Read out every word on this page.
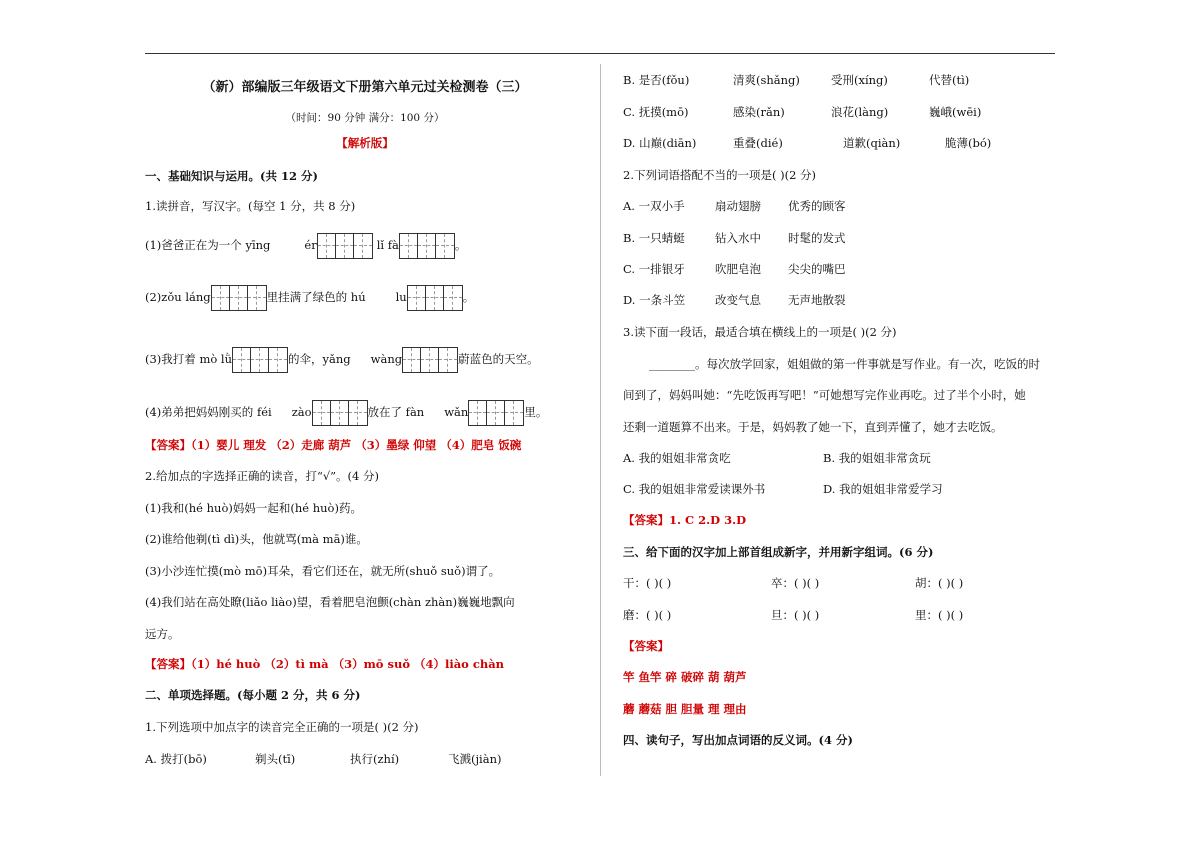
（新）部编版三年级语文下册第六单元过关检测卷（三）
（时间：90 分钟 满分：100 分）
【解析版】
一、基础知识与运用。(共 12 分)
1.读拼音，写汉字。(每空 1 分，共 8 分)
(1)爸爸正在为一个 yīng	ér	lǐ fà	。
(2)zǒu láng	里挂满了绿色的 hú	lu	。
(3)我打着 mò lǜ	的伞，yǎng wàng	蔚蓝色的天空。
(4)弟弟把妈妈刚买的 féi zào	放在了 fàn wǎn	里。
【答案】（1）婴儿 理发 （2）走廊 葫芦 （3）墨绿 仰望 （4）肥皂 饭碗
2.给加点的字选择正确的读音，打“√”。(4 分)
(1)我和(hé huò)妈妈一起和(hé huò)药。
(2)谁给他剃(tì dì)头，他就骂(mà mā)谁。
(3)小沙连忙摸(mò mō)耳朵，看它们还在，就无所(shuǒ suǒ)谓了。
(4)我们站在高处瞭(liǎo liào)望，看着肥皂泡颤(chàn zhàn)巍巍地飘向
远方。
【答案】（1）hé huò （2）tì mà （3）mō suǒ （4）liào chàn
二、单项选择题。(每小题 2 分，共 6 分)
1.下列选项中加点字的读音完全正确的一项是( )(2 分)
A. 拨打(bō)	剃头(tī)	执行(zhí)	飞溅(jiàn)
B. 是否(fǒu)	清爽(shǎng)	受刑(xíng)	代替(tì)
C. 抚摸(mō)	感染(rǎn)	浪花(làng)	巍峨(wēi)
D. 山巅(diān)	重叠(dié)	道歉(qiàn)	脆薄(bó)
2.下列词语搭配不当的一项是( )(2 分)
A. 一双小手	扇动翅膀 优秀的顾客
B. 一只蜻蜓	钻入水中 时髦的发式
C. 一排银牙	吹肥皂泡 尖尖的嘴巴
D. 一条斗笠	改变气息 无声地散裂
3.读下面一段话，最适合填在横线上的一项是( )(2 分)
________。每次放学回家，姐姐做的第一件事就是写作业。有一次，吃饭的时
间到了，妈妈叫她：“先吃饭再写吧！”可她想写完作业再吃。过了半个小时，她
还剩一道题算不出来。于是，妈妈教了她一下，直到弄懂了，她才去吃饭。
A. 我的姐姐非常贪吃	B. 我的姐姐非常贪玩
C. 我的姐姐非常爱读课外书	D. 我的姐姐非常爱学习
【答案】1. C 2.D 3.D
三、给下面的汉字加上部首组成新字，并用新字组词。(6 分)
干：( )( )	卒：( )( )	胡：( )( )
磨：( )( )	旦：( )( )	里：( )( )
【答案】
竿 鱼竿 碎 破碎 葫 葫芦
蘑 蘑菇 胆 胆量 理 理由
四、读句子，写出加点词语的反义词。(4 分)
